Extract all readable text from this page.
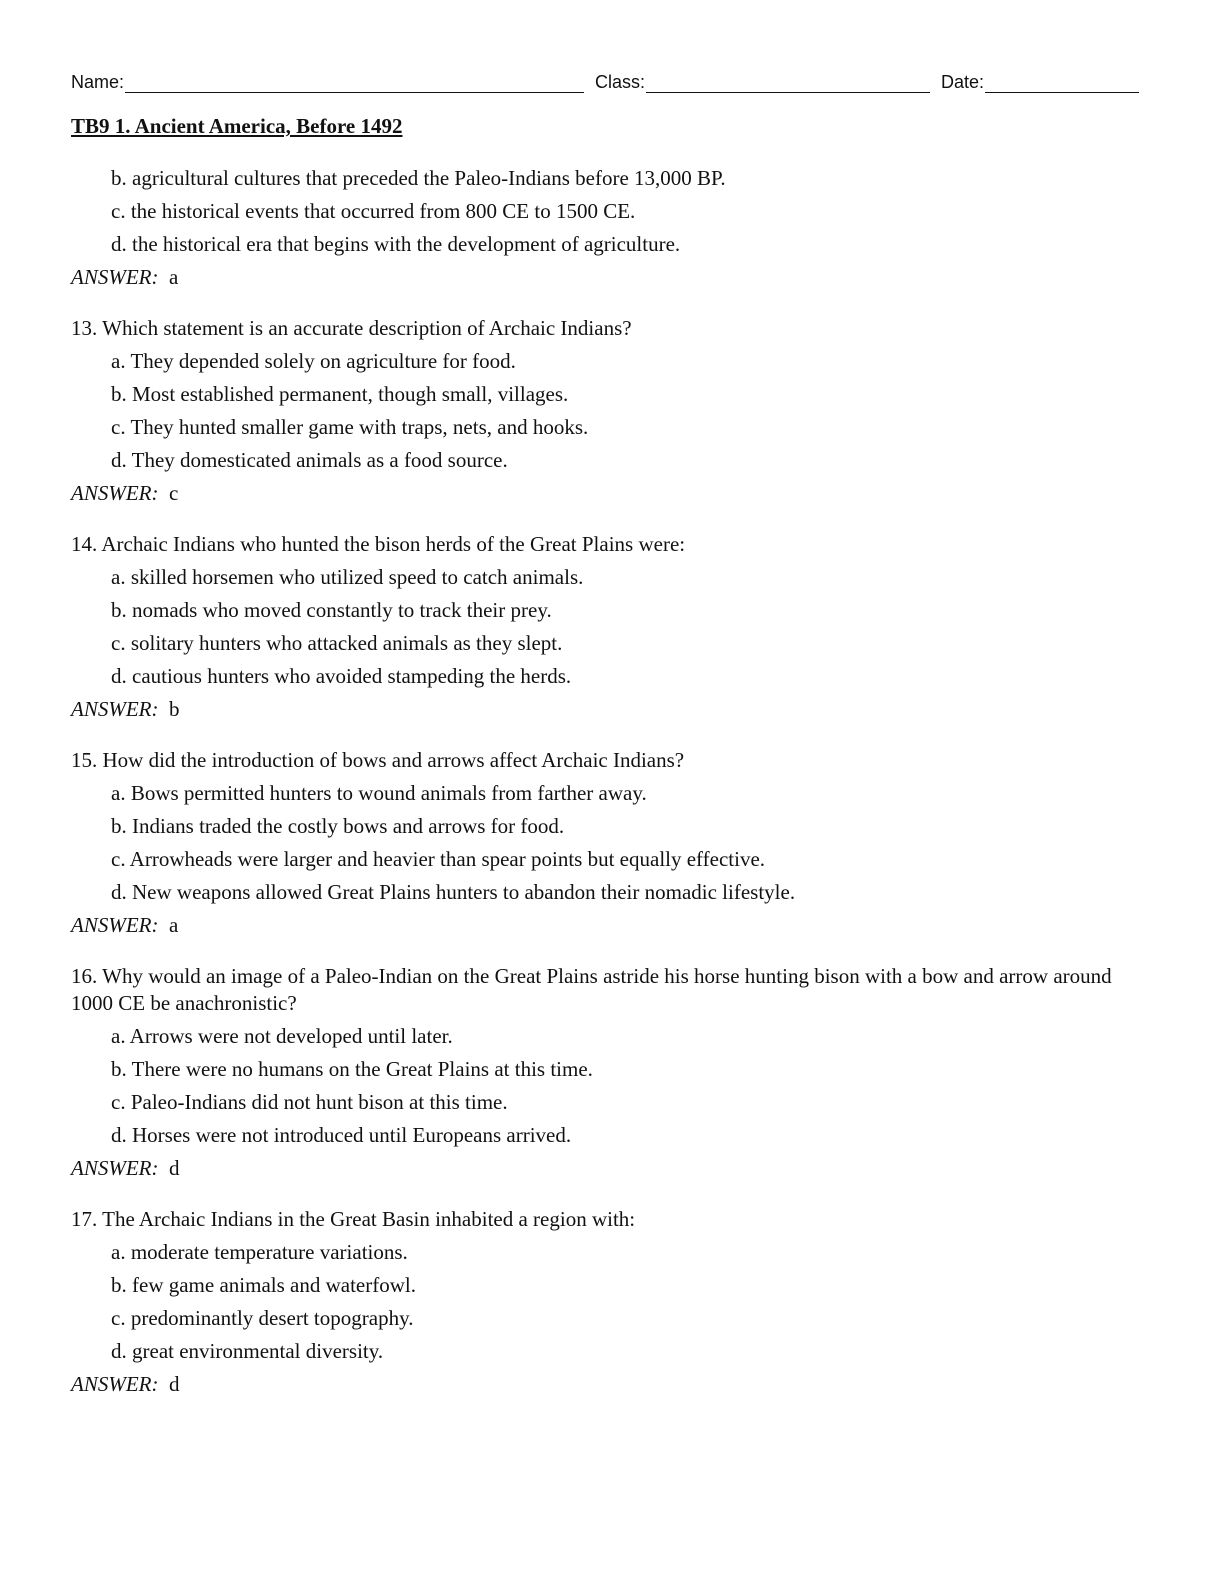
Name:	Class:	Date:
TB9 1. Ancient America, Before 1492
b. agricultural cultures that preceded the Paleo-Indians before 13,000 BP.
c. the historical events that occurred from 800 CE to 1500 CE.
d. the historical era that begins with the development of agriculture.
ANSWER: a
13. Which statement is an accurate description of Archaic Indians?
a. They depended solely on agriculture for food.
b. Most established permanent, though small, villages.
c. They hunted smaller game with traps, nets, and hooks.
d. They domesticated animals as a food source.
ANSWER: c
14. Archaic Indians who hunted the bison herds of the Great Plains were:
a. skilled horsemen who utilized speed to catch animals.
b. nomads who moved constantly to track their prey.
c. solitary hunters who attacked animals as they slept.
d. cautious hunters who avoided stampeding the herds.
ANSWER: b
15. How did the introduction of bows and arrows affect Archaic Indians?
a. Bows permitted hunters to wound animals from farther away.
b. Indians traded the costly bows and arrows for food.
c. Arrowheads were larger and heavier than spear points but equally effective.
d. New weapons allowed Great Plains hunters to abandon their nomadic lifestyle.
ANSWER: a
16. Why would an image of a Paleo-Indian on the Great Plains astride his horse hunting bison with a bow and arrow around 1000 CE be anachronistic?
a. Arrows were not developed until later.
b. There were no humans on the Great Plains at this time.
c. Paleo-Indians did not hunt bison at this time.
d. Horses were not introduced until Europeans arrived.
ANSWER: d
17. The Archaic Indians in the Great Basin inhabited a region with:
a. moderate temperature variations.
b. few game animals and waterfowl.
c. predominantly desert topography.
d. great environmental diversity.
ANSWER: d
